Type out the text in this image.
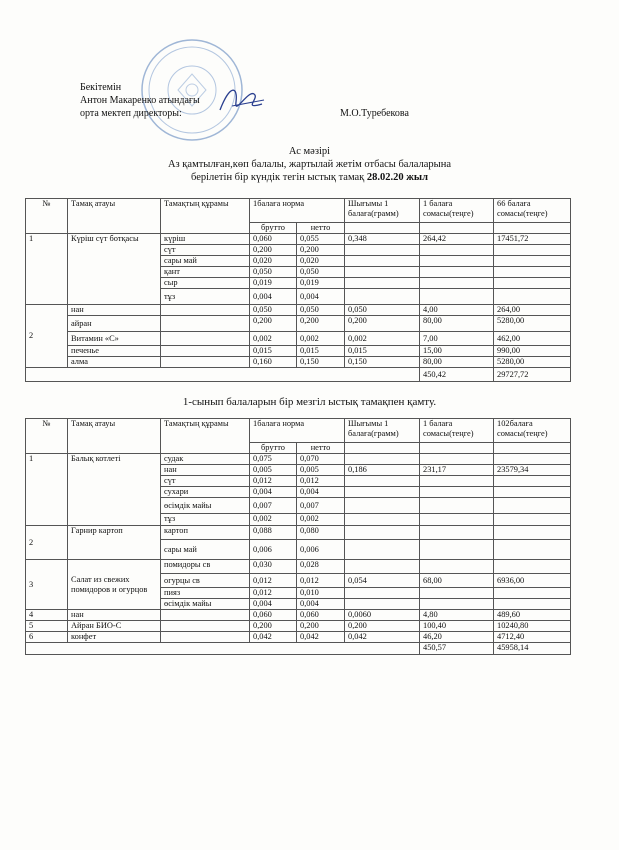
Бекітемін
Антон Макаренко атындағы
орта мектеп директоры:	М.О.Туребекова
Ас мәзірі
Аз қамтылған,көп балалы, жартылай жетім отбасы балаларына
берілетін бір күндік тегін ыстық тамақ 28.02.20 жыл
№	Тамақ атауы	Тамақтың құрамы	1балаға норма		Шығымы 1 балаға(грамм)	1 балаға сомасы(теңге)	66 балаға сомасы(теңге)
			брутто	нетто			
1	Күріш сүт ботқасы	күріш	0,060	0,055	0,348	264,42	17451,72
		сүт	0,200	0,200			
		сары май	0,020	0,020			
		қант	0,050	0,050			
		сыр	0,019	0,019			
		тұз	0,004	0,004			
2	нан		0,050	0,050	0,050	4,00	264,00
	айран		0,200	0,200	0,200	80,00	5280,00
	Витамин «С»		0,002	0,002	0,002	7,00	462,00
	печенье		0,015	0,015	0,015	15,00	990,00
	алма		0,160	0,150	0,150	80,00	5280,00
						450,42	29727,72
1-сынып балаларын бір мезгіл ыстық тамақпен қамту.
№	Тамақ атауы	Тамақтың құрамы	1балаға норма		Шығымы 1 балаға(грамм)	1 балаға сомасы(теңге)	102балаға сомасы(теңге)
			брутто	нетто			
1	Балық котлеті	судак	0,075	0,070			
		нан	0,005	0,005	0,186	231,17	23579,34
		сүт	0,012	0,012			
		сухари	0,004	0,004			
		өсімдік майы	0,007	0,007			
		тұз	0,002	0,002			
2	Гарнир картоп	картоп	0,088	0,080			
		сары май	0,006	0,006			
3	Салат из свежих помидоров и огурцов	помидоры св	0,030	0,028			
		огурцы св	0,012	0,012	0,054	68,00	6936,00
		пияз	0,012	0,010			
		өсімдік майы	0,004	0,004			
4	нан		0,060	0,060	0,0060	4,80	489,60
5	Айран БИО-С		0,200	0,200	0,200	100,40	10240,80
6	конфет		0,042	0,042	0,042	46,20	4712,40
						450,57	45958,14
